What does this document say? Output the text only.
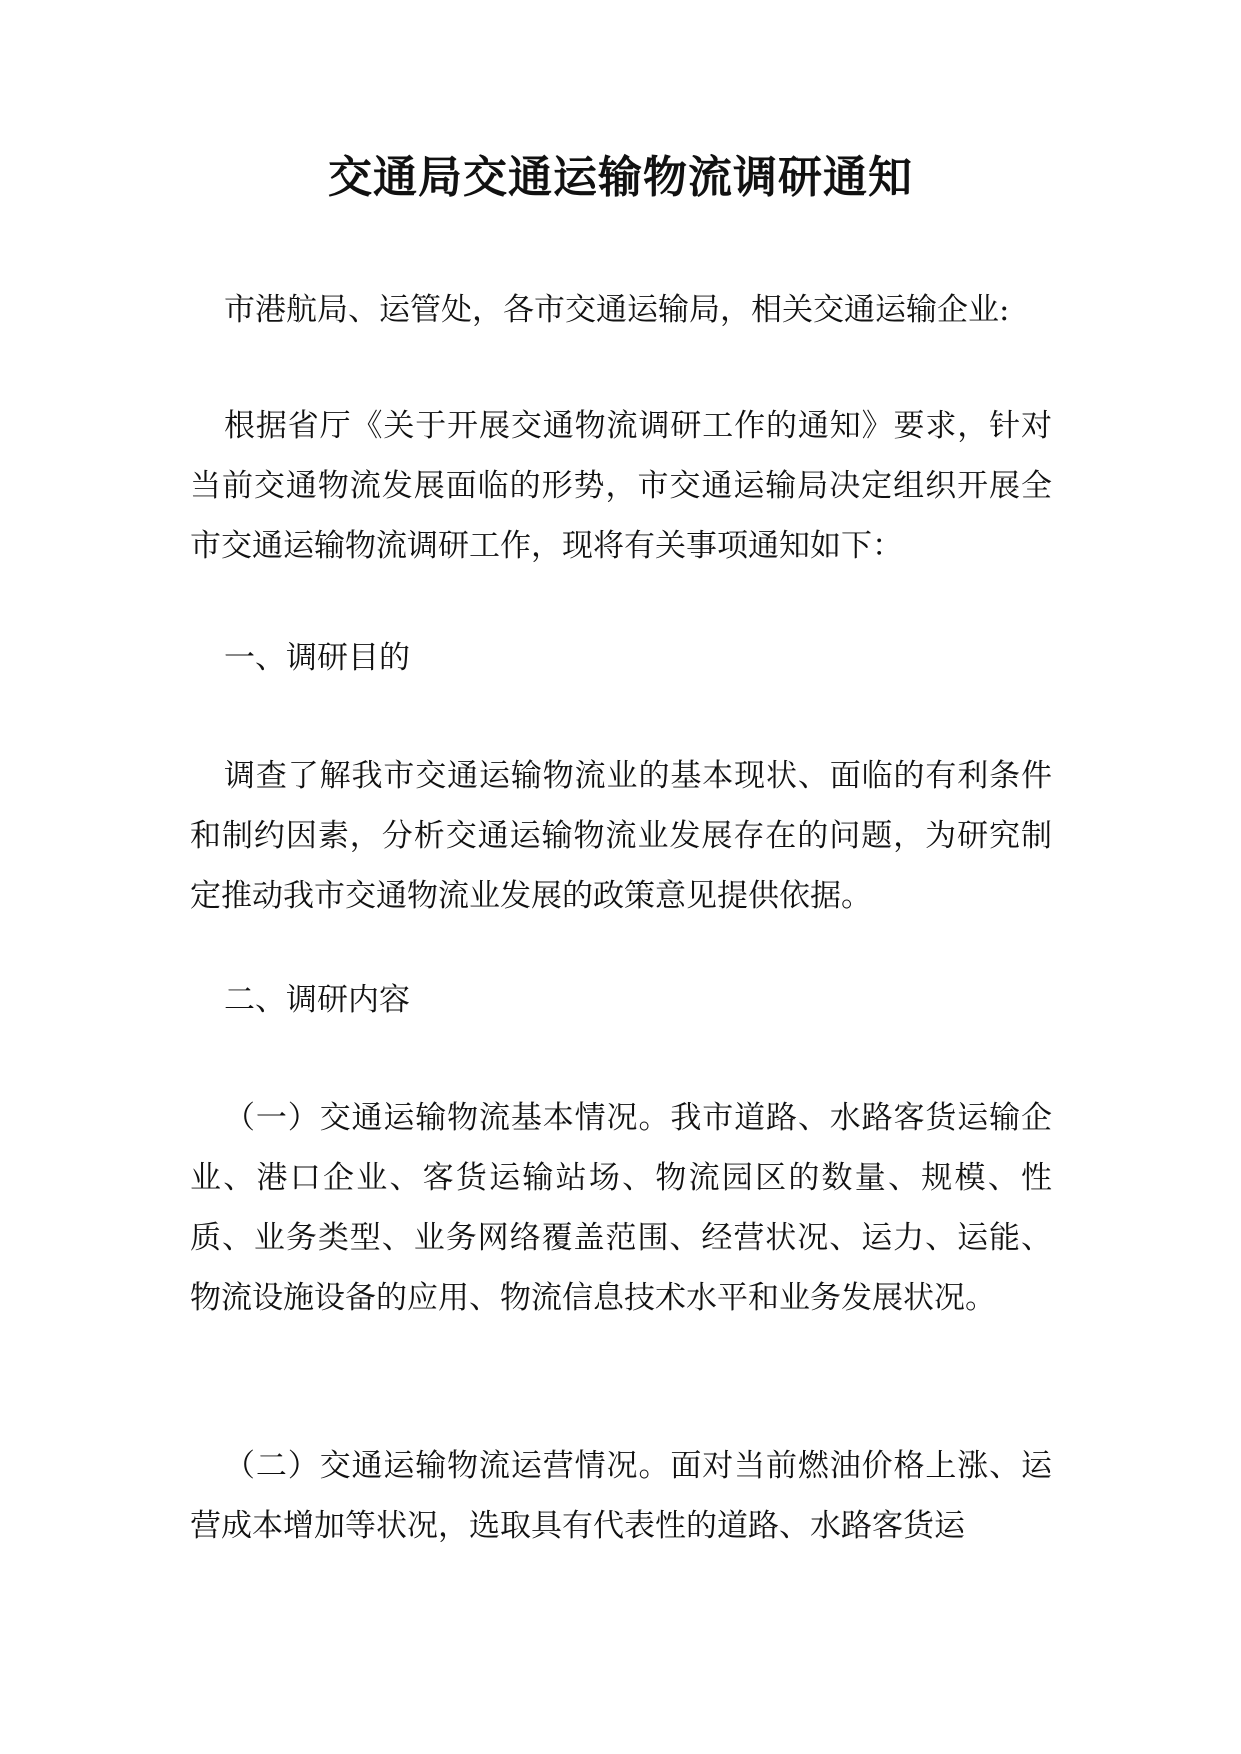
交通局交通运输物流调研通知

市港航局、运管处，各市交通运输局，相关交通运输企业:

根据省厅《关于开展交通物流调研工作的通知》要求，针对当前交通物流发展面临的形势，市交通运输局决定组织开展全市交通运输物流调研工作，现将有关事项通知如下：

一、调研目的

调查了解我市交通运输物流业的基本现状、面临的有利条件和制约因素，分析交通运输物流业发展存在的问题，为研究制定推动我市交通物流业发展的政策意见提供依据。

二、调研内容

（一）交通运输物流基本情况。我市道路、水路客货运输企业、港口企业、客货运输站场、物流园区的数量、规模、性质、业务类型、业务网络覆盖范围、经营状况、运力、运能、物流设施设备的应用、物流信息技术水平和业务发展状况。

（二）交通运输物流运营情况。面对当前燃油价格上涨、运营成本增加等状况，选取具有代表性的道路、水路客货运
